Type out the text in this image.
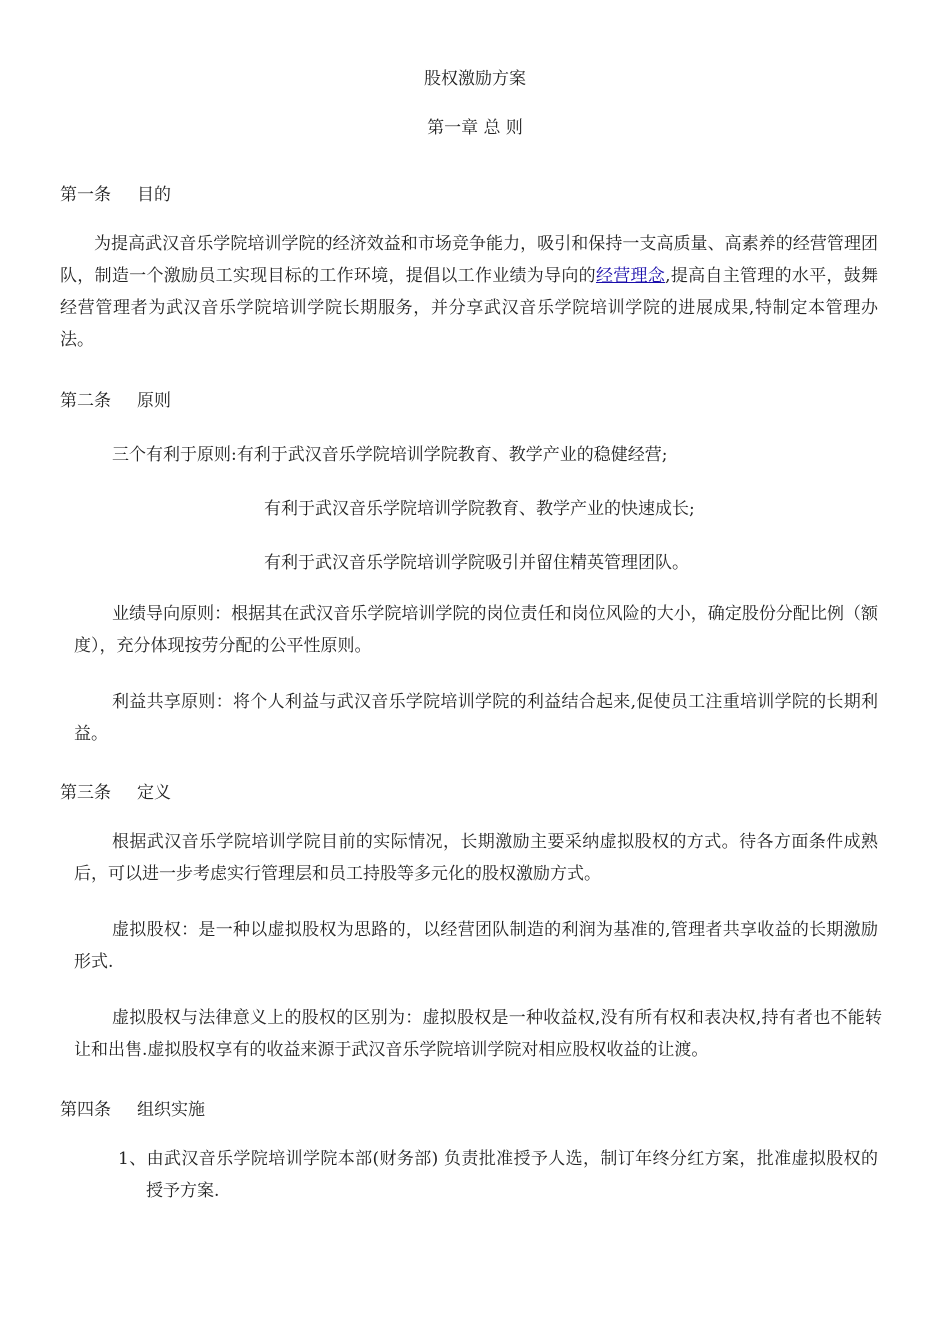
股权激励方案
第一章 总 则
第一条 目的
为提高武汉音乐学院培训学院的经济效益和市场竞争能力，吸引和保持一支高质量、高素养的经营管理团队，制造一个激励员工实现目标的工作环境，提倡以工作业绩为导向的经营理念,提高自主管理的水平，鼓舞经营管理者为武汉音乐学院培训学院长期服务，并分享武汉音乐学院培训学院的进展成果,特制定本管理办法。
第二条 原则
三个有利于原则:有利于武汉音乐学院培训学院教育、教学产业的稳健经营;
有利于武汉音乐学院培训学院教育、教学产业的快速成长;
有利于武汉音乐学院培训学院吸引并留住精英管理团队。
业绩导向原则：根据其在武汉音乐学院培训学院的岗位责任和岗位风险的大小，确定股份分配比例（额度），充分体现按劳分配的公平性原则。
利益共享原则：将个人利益与武汉音乐学院培训学院的利益结合起来,促使员工注重培训学院的长期利益。
第三条 定义
根据武汉音乐学院培训学院目前的实际情况，长期激励主要采纳虚拟股权的方式。待各方面条件成熟后，可以进一步考虑实行管理层和员工持股等多元化的股权激励方式。
虚拟股权：是一种以虚拟股权为思路的，以经营团队制造的利润为基准的,管理者共享收益的长期激励形式.
虚拟股权与法律意义上的股权的区别为：虚拟股权是一种收益权,没有所有权和表决权,持有者也不能转让和出售.虚拟股权享有的收益来源于武汉音乐学院培训学院对相应股权收益的让渡。
第四条 组织实施
1、由武汉音乐学院培训学院本部(财务部) 负责批准授予人选，制订年终分红方案，批准虚拟股权的授予方案.
